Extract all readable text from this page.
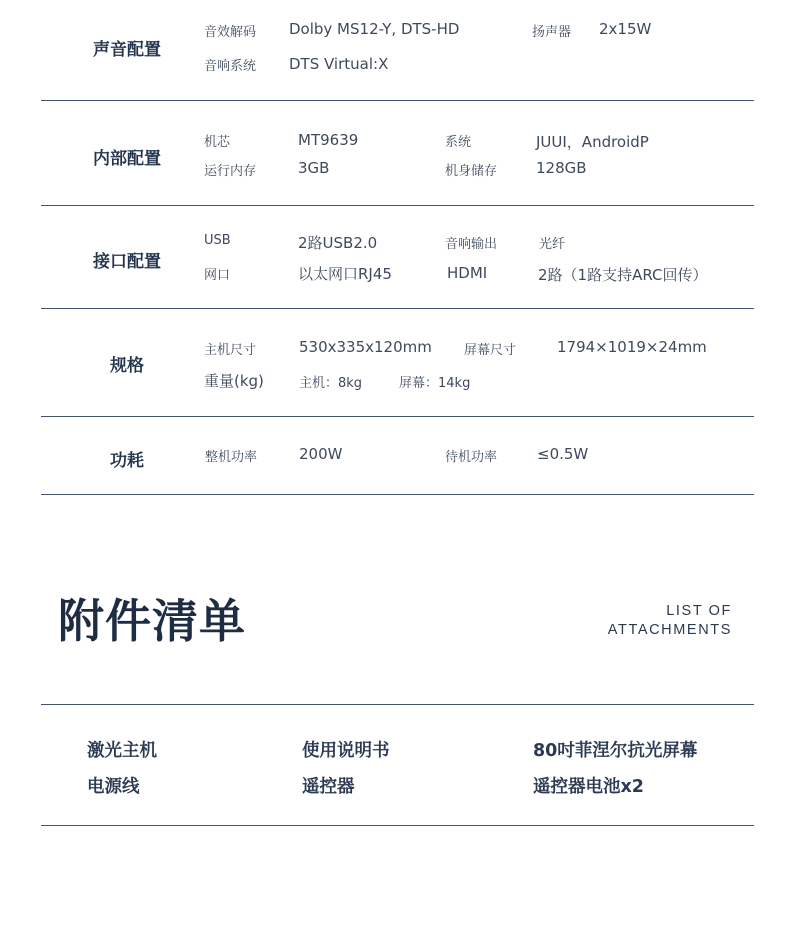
声音配置
音效解码 Dolby MS12-Y, DTS-HD	扬声器 2x15W
音响系统 DTS Virtual:X
内部配置
机芯	MT9639	系统	JUUI，AndroidP
运行内存	3GB	机身储存	128GB
接口配置
USB	2路USB2.0	音响输出	光纤
网口	以太网口RJ45	HDMI	2路（1路支持ARC回传）
规格
主机尺寸	530x335x120mm 屏幕尺寸	1794×1019×24mm
重量(kg)	主机：8kg	屏幕：14kg
功耗	整机功率	200W	待机功率	≤0.5W
附件清单	LIST OF
ATTACHMENTS
激光主机	使用说明书	80吋菲涅尔抗光屏幕
电源线	遥控器	遥控器电池x2
